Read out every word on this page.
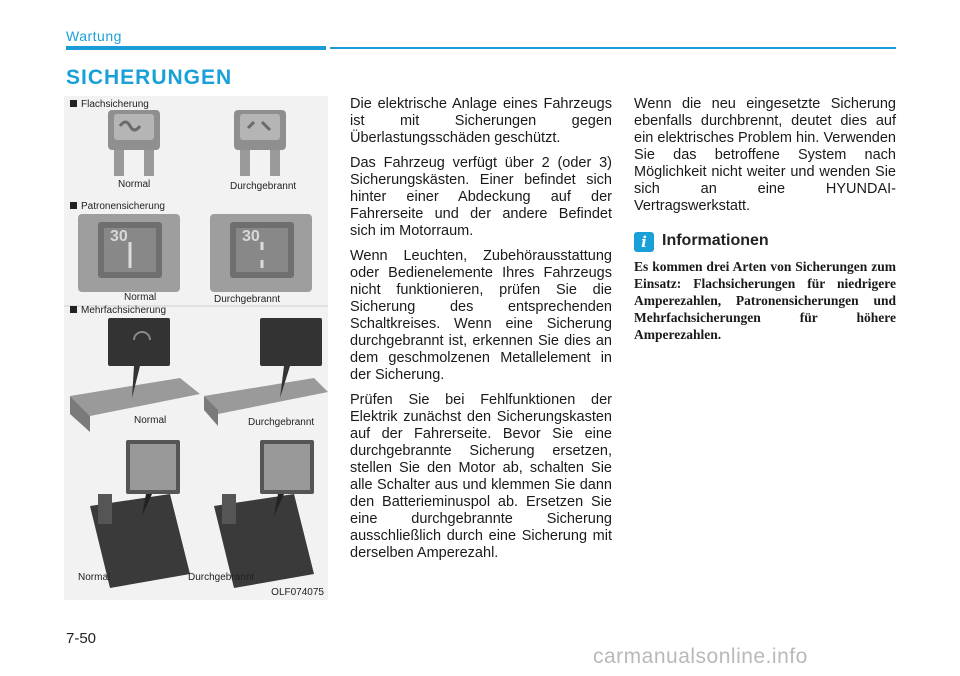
Wartung
SICHERUNGEN
Flachsicherung
Normal	Durchgebrannt
Patronensicherung
30	30
Normal	Durchgebrannt
Mehrfachsicherung
Normal	Durchgebrannt
Normal	Durchgebrannt
OLF074075

Die elektrische Anlage eines Fahrzeugs ist mit Sicherungen gegen Überlastungsschäden geschützt.

Das Fahrzeug verfügt über 2 (oder 3) Sicherungskästen. Einer befindet sich hinter einer Abdeckung auf der Fahrerseite und der andere Befindet sich im Motorraum.

Wenn Leuchten, Zubehörausstattung oder Bedienelemente Ihres Fahrzeugs nicht funktionieren, prüfen Sie die Sicherung des entsprechenden Schaltkreises. Wenn eine Sicherung durchgebrannt ist, erkennen Sie dies an dem geschmolzenen Metallelement in der Sicherung.

Prüfen Sie bei Fehlfunktionen der Elektrik zunächst den Sicherungskasten auf der Fahrerseite. Bevor Sie eine durchgebrannte Sicherung ersetzen, stellen Sie den Motor ab, schalten Sie alle Schalter aus und klemmen Sie dann den Batterieminuspol ab. Ersetzen Sie eine durchgebrannte Sicherung ausschließlich durch eine Sicherung mit derselben Amperezahl.

Wenn die neu eingesetzte Sicherung ebenfalls durchbrennt, deutet dies auf ein elektrisches Problem hin. Verwenden Sie das betroffene System nach Möglichkeit nicht weiter und wenden Sie sich an eine HYUNDAI-Vertragswerkstatt.

i Informationen
Es kommen drei Arten von Sicherungen zum Einsatz: Flachsicherungen für niedrigere Amperezahlen, Patronensicherungen und Mehrfachsicherungen für höhere Amperezahlen.
7-50
carmanualsonline.info
